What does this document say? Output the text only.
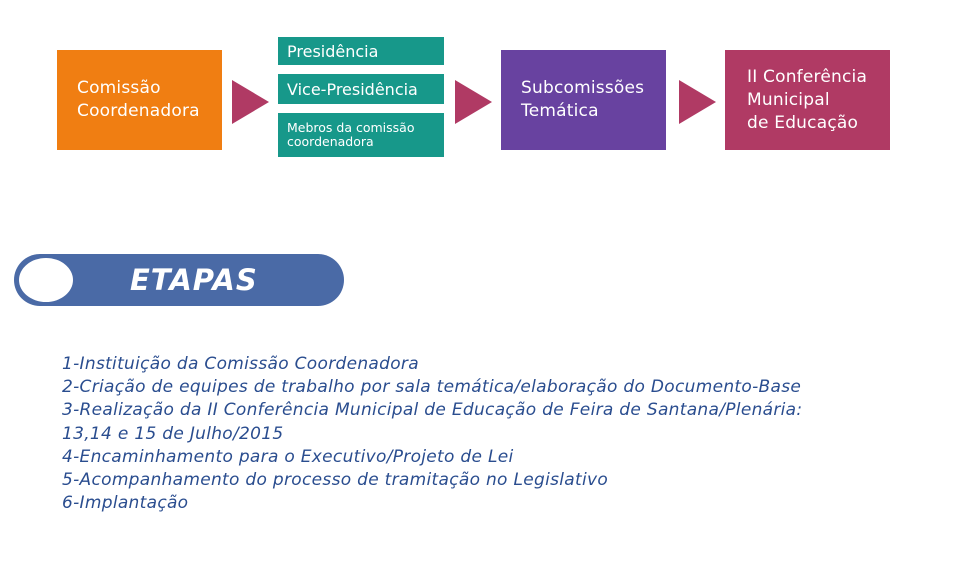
Comissão
Coordenadora
Presidência
Vice-Presidência
Mebros da comissão
coordenadora
Subcomissões
Temática
II Conferência
Municipal
de Educação
ETAPAS
1-Instituição da Comissão Coordenadora
2-Criação de equipes de trabalho por sala temática/elaboração do Documento-Base
3-Realização da II Conferência Municipal de Educação de Feira de Santana/Plenária:
13,14 e 15 de Julho/2015
4-Encaminhamento para o Executivo/Projeto de Lei
5-Acompanhamento do processo de tramitação no Legislativo
6-Implantação
